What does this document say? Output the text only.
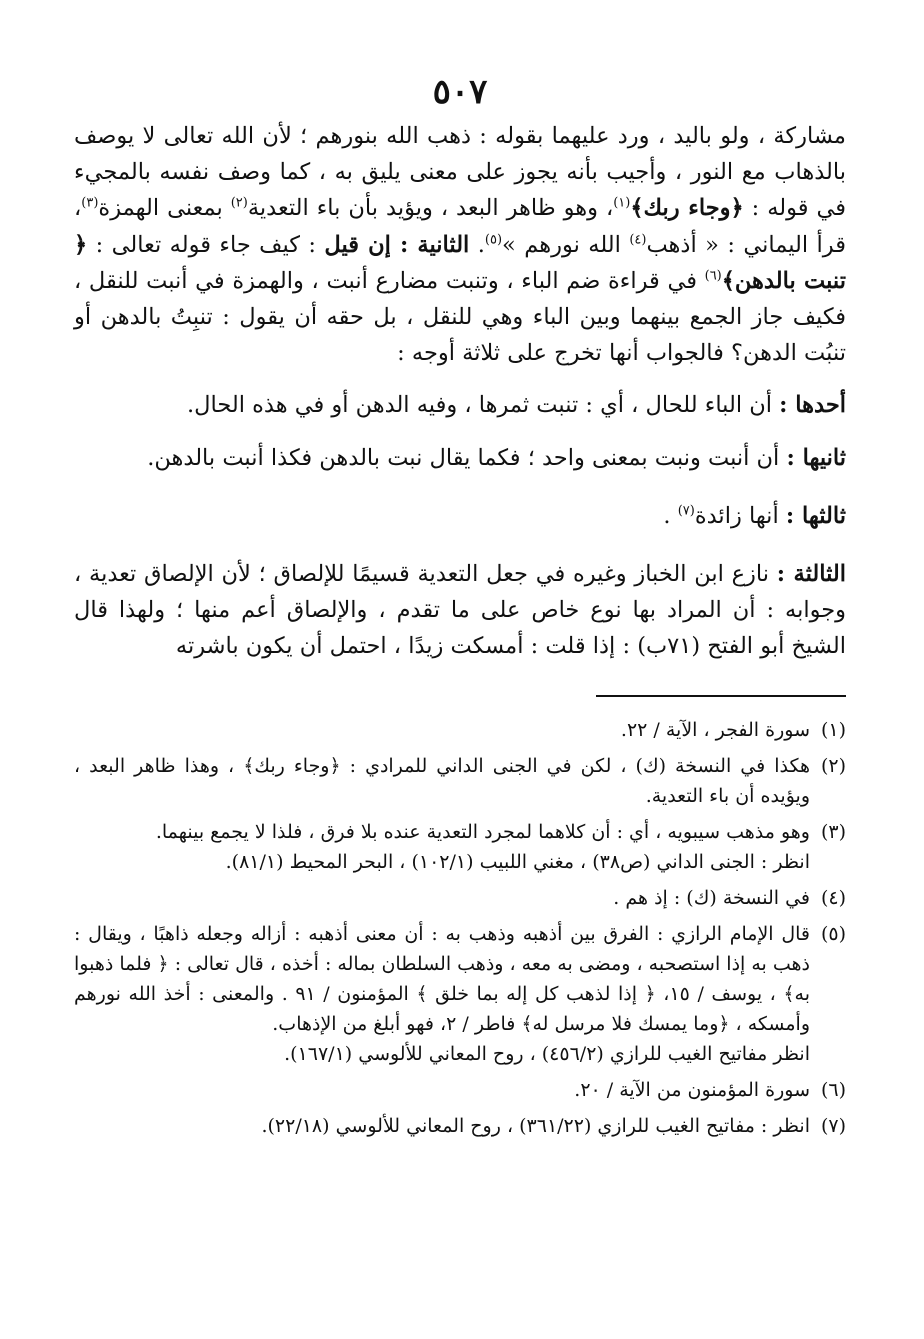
٥٠٧

مشاركة ، ولو باليد ، ورد عليهما بقوله : ذهب الله بنورهم ؛ لأن الله تعالى لا يوصف بالذهاب مع النور ، وأجيب بأنه يجوز على معنى يليق به ، كما وصف نفسه بالمجيء في قوله : ﴿وجاء ربك﴾$^{(١)}$، وهو ظاهر البعد ، ويؤيد بأن باء التعدية$^{(٢)}$ بمعنى الهمزة$^{(٣)}$، قرأ اليماني : « أذهب$^{(٤)}$ الله نورهم »$^{(٥)}$. الثانية : إن قيل : كيف جاء قوله تعالى : ﴿ تنبت بالدهن﴾$^{(٦)}$ في قراءة ضم الباء ، وتنبت مضارع أنبت ، والهمزة في أنبت للنقل ، فكيف جاز الجمع بينهما وبين الباء وهي للنقل ، بل حقه أن يقول : تنبِتُ بالدهن أو تنبُت الدهن؟ فالجواب أنها تخرج على ثلاثة أوجه :

أحدها : أن الباء للحال ، أي : تنبت ثمرها ، وفيه الدهن أو في هذه الحال.

ثانيها : أن أنبت ونبت بمعنى واحد ؛ فكما يقال نبت بالدهن فكذا أنبت بالدهن.

ثالثها : أنها زائدة$^{(٧)}$ .

الثالثة : نازع ابن الخباز وغيره في جعل التعدية قسيمًا للإلصاق ؛ لأن الإلصاق تعدية ، وجوابه : أن المراد بها نوع خاص على ما تقدم ، والإلصاق أعم منها ؛ ولهذا قال الشيخ أبو الفتح (٧١ب) : إذا قلت : أمسكت زيدًا ، احتمل أن يكون باشرته

(١)
سورة الفجر ، الآية / ٢٢.
(٢)
هكذا في النسخة (ك) ، لكن في الجنى الداني للمرادي : ﴿وجاء ربك﴾ ، وهذا ظاهر البعد ، ويؤيده أن باء التعدية.
(٣)
وهو مذهب سيبويه ، أي : أن كلاهما لمجرد التعدية عنده بلا فرق ، فلذا لا يجمع بينهما.
انظر : الجنى الداني (ص٣٨) ، مغني اللبيب (١٠٢/١) ، البحر المحيط (٨١/١).
(٤)
في النسخة (ك) : إذ هم .
(٥)
قال الإمام الرازي : الفرق بين أذهبه وذهب به : أن معنى أذهبه : أزاله وجعله ذاهبًا ، ويقال : ذهب به إذا استصحبه ، ومضى به معه ، وذهب السلطان بماله : أخذه ، قال تعالى : ﴿ فلما ذهبوا به﴾ ، يوسف / ١٥، ﴿ إذا لذهب كل إله بما خلق ﴾ المؤمنون / ٩١ . والمعنى : أخذ الله نورهم وأمسكه ، ﴿وما يمسك فلا مرسل له﴾ فاطر / ٢، فهو أبلغ من الإذهاب.
انظر مفاتيح الغيب للرازي (٤٥٦/٢) ، روح المعاني للألوسي (١٦٧/١).
(٦)
سورة المؤمنون من الآية / ٢٠.
(٧)
انظر : مفاتيح الغيب للرازي (٣٦١/٢٢) ، روح المعاني للألوسي (٢٢/١٨).
